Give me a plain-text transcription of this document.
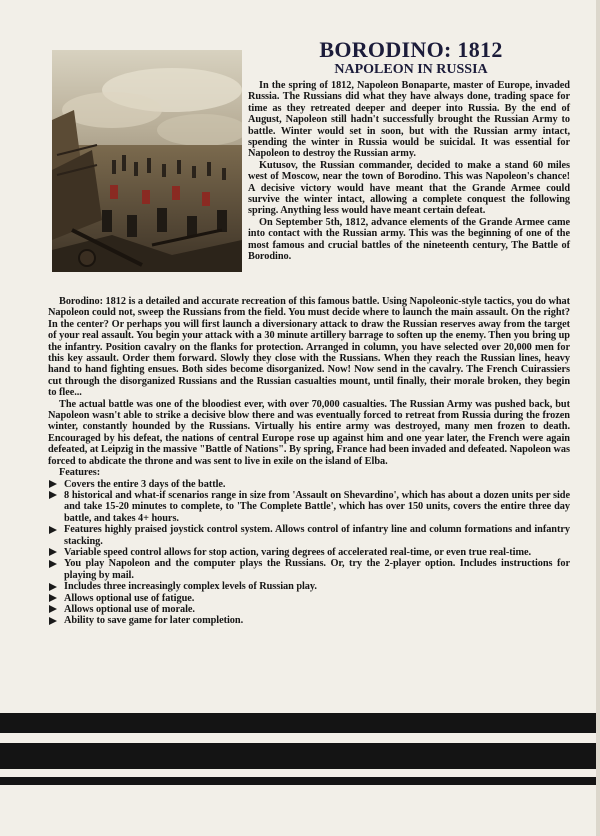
BORODINO: 1812
NAPOLEON IN RUSSIA

In the spring of 1812, Napoleon Bonaparte, master of Europe, invaded Russia. The Russians did what they have always done, trading space for time as they retreated deeper and deeper into Russia. By the end of August, Napoleon still hadn't successfully brought the Russian Army to battle. Winter would set in soon, but with the Russian army intact, spending the winter in Russia would be suicidal. It was essential for Napoleon to destroy the Russian army.

Kutusov, the Russian commander, decided to make a stand 60 miles west of Moscow, near the town of Borodino. This was Napoleon's chance! A decisive victory would have meant that the Grande Armee could survive the winter intact, allowing a complete conquest the following spring. Anything less would have meant certain defeat.

On September 5th, 1812, advance elements of the Grande Armee came into contact with the Russian army. This was the beginning of one of the most famous and crucial battles of the nineteenth century, The Battle of Borodino.

Borodino: 1812 is a detailed and accurate recreation of this famous battle. Using Napoleonic-style tactics, you do what Napoleon could not, sweep the Russians from the field. You must decide where to launch the main assault. On the right? In the center? Or perhaps you will first launch a diversionary attack to draw the Russian reserves away from the target of your real assault. You begin your attack with a 30 minute artillery barrage to soften up the enemy. Then you bring up the infantry. Position cavalry on the flanks for protection. Arranged in column, you have selected over 20,000 men for this key assault. Order them forward. Slowly they close with the Russians. When they reach the Russian lines, heavy hand to hand fighting ensues. Both sides become disorganized. Now! Now send in the cavalry. The French Cuirassiers cut through the disorganized Russians and the Russian casualties mount, until finally, their morale broken, they begin to flee...

The actual battle was one of the bloodiest ever, with over 70,000 casualties. The Russian Army was pushed back, but Napoleon wasn't able to strike a decisive blow there and was eventually forced to retreat from Russia during the frozen winter, constantly hounded by the Russians. Virtually his entire army was destroyed, many men frozen to death. Encouraged by his defeat, the nations of central Europe rose up against him and one year later, the French were again defeated, at Leipzig in the massive "Battle of Nations". By spring, France had been invaded and defeated. Napoleon was forced to abdicate the throne and was sent to live in exile on the island of Elba.

Features:

Covers the entire 3 days of the battle.
8 historical and what-if scenarios range in size from 'Assault on Shevardino', which has about a dozen units per side and take 15-20 minutes to complete, to 'The Complete Battle', which has over 150 units, covers the entire three day battle, and takes 4+ hours.
Features highly praised joystick control system. Allows control of infantry line and column formations and infantry stacking.
Variable speed control allows for stop action, varing degrees of accelerated real-time, or even true real-time.
You play Napoleon and the computer plays the Russians. Or, try the 2-player option. Includes instructions for playing by mail.
Includes three increasingly complex levels of Russian play.
Allows optional use of fatigue.
Allows optional use of morale.
Ability to save game for later completion.
